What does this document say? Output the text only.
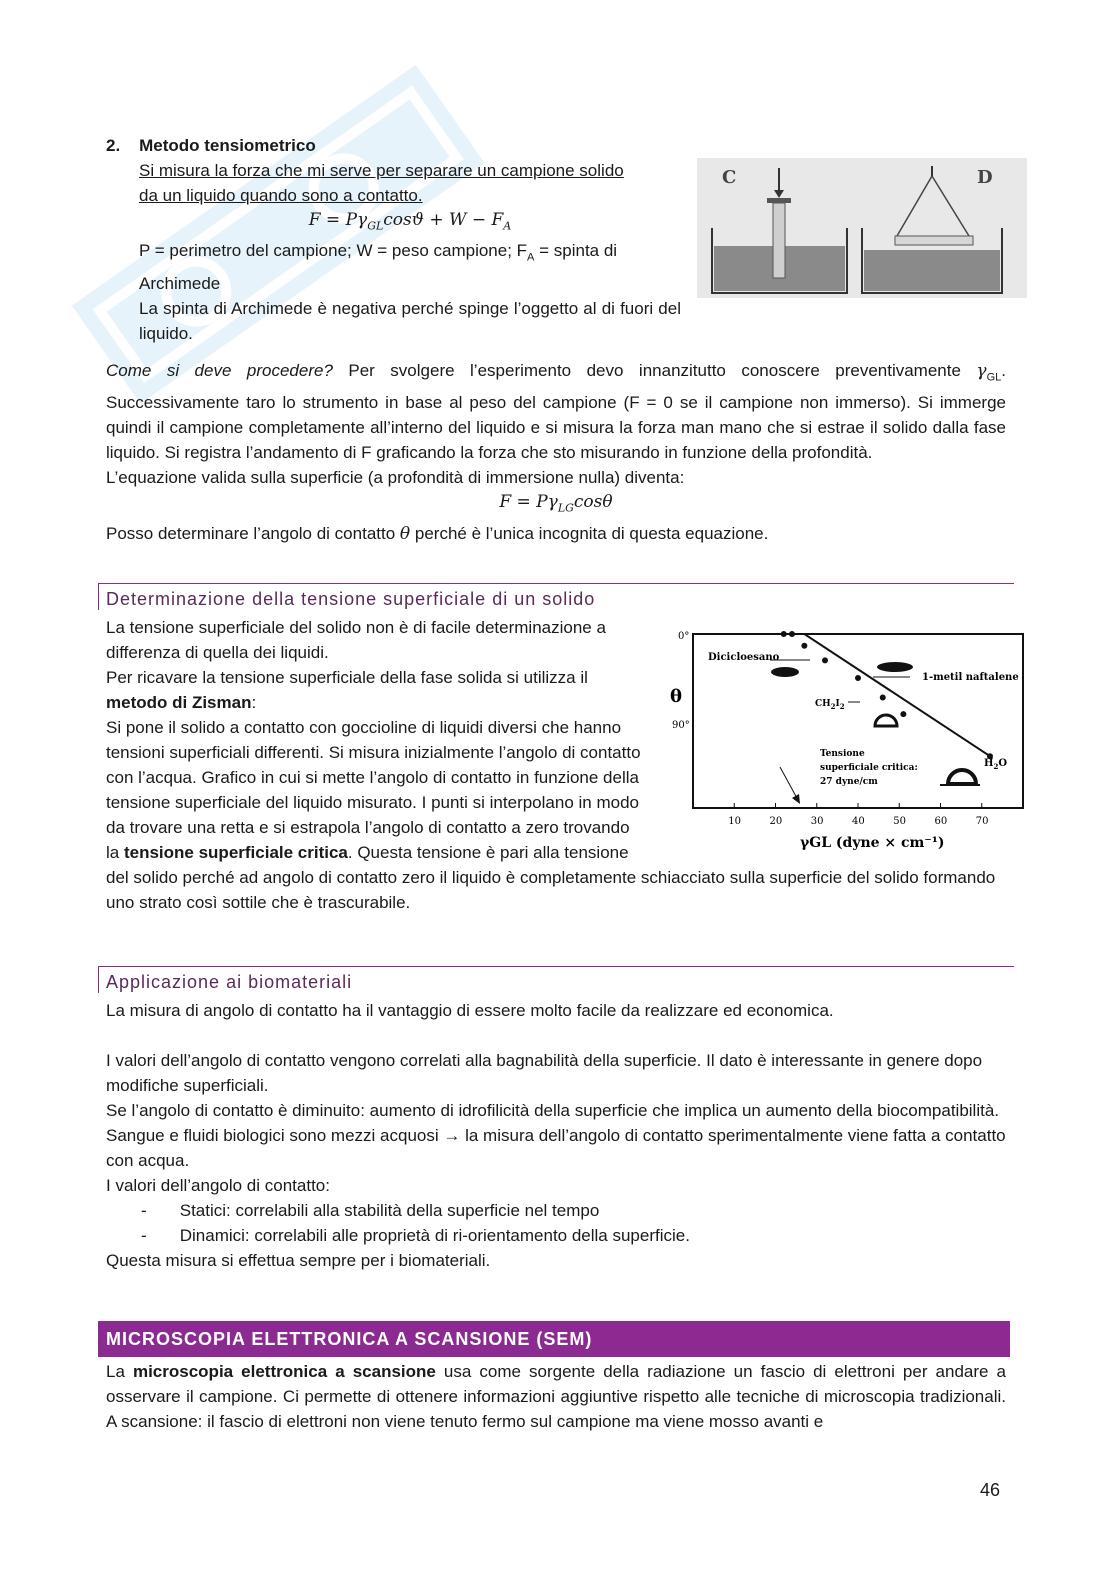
2. Metodo tensiometrico

Si misura la forza che mi serve per separare un campione solido

da un liquido quando sono a contatto.

$F = P\gamma_{GL}\cos ϑ + W - F_A$

P = perimetro del campione; W = peso campione; $F_A$ = spinta di

Archimede

La spinta di Archimede è negativa perché spinge l’oggetto al di fuori del liquido.

C	D

Come si deve procedere? Per svolgere l’esperimento devo innanzitutto conoscere preventivamente $\gamma_{GL}$. Successivamente taro lo strumento in base al peso del campione (F = 0 se il campione non immerso). Si immerge quindi il campione completamente all’interno del liquido e si misura la forza man mano che si estrae il solido dalla fase liquido. Si registra l’andamento di F graficando la forza che sto misurando in funzione della profondità.

L’equazione valida sulla superficie (a profondità di immersione nulla) diventa:

$F = P\gamma_{LG}\cos\theta$

Posso determinare l’angolo di contatto θ perché è l’unica incognita di questa equazione.

Determinazione della tensione superficiale di un solido

La tensione superficiale del solido non è di facile determinazione a differenza di quella dei liquidi.

Per ricavare la tensione superficiale della fase solida si utilizza il metodo di Zisman:

Si pone il solido a contatto con goccioline di liquidi diversi che hanno tensioni superficiali differenti. Si misura inizialmente l’angolo di contatto con l’acqua. Grafico in cui si mette l’angolo di contatto in funzione della tensione superficiale del liquido misurato. I punti si interpolano in modo da trovare una retta e si estrapola l’angolo di contatto a zero trovando la tensione superficiale critica. Questa tensione è pari alla tensione del solido perché ad angolo di contatto zero il liquido è completamente schiacciato sulla superficie del solido formando uno strato così sottile che è trascurabile.

θ
0°
90°
10	20	30	40	50	60	70
γGL (dyne × cm⁻¹)
Dicicloesano
1-metil naftalene
$CH_2I_2$
Tensione
superficiale critica:
27 dyne/cm
$H_2O$
Applicazione ai biomateriali

La misura di angolo di contatto ha il vantaggio di essere molto facile da realizzare ed economica.

I valori dell’angolo di contatto vengono correlati alla bagnabilità della superficie. Il dato è interessante in genere dopo modifiche superficiali.

Se l’angolo di contatto è diminuito: aumento di idrofilicità della superficie che implica un aumento della biocompatibilità.

Sangue e fluidi biologici sono mezzi acquosi → la misura dell’angolo di contatto sperimentalmente viene fatta a contatto con acqua.

I valori dell’angolo di contatto:

-       Statici: correlabili alla stabilità della superficie nel tempo

-       Dinamici: correlabili alle proprietà di ri-orientamento della superficie.

Questa misura si effettua sempre per i biomateriali.

MICROSCOPIA ELETTRONICA A SCANSIONE (SEM)

La microscopia elettronica a scansione usa come sorgente della radiazione un fascio di elettroni per andare a osservare il campione. Ci permette di ottenere informazioni aggiuntive rispetto alle tecniche di microscopia tradizionali. A scansione: il fascio di elettroni non viene tenuto fermo sul campione ma viene mosso avanti e

46
